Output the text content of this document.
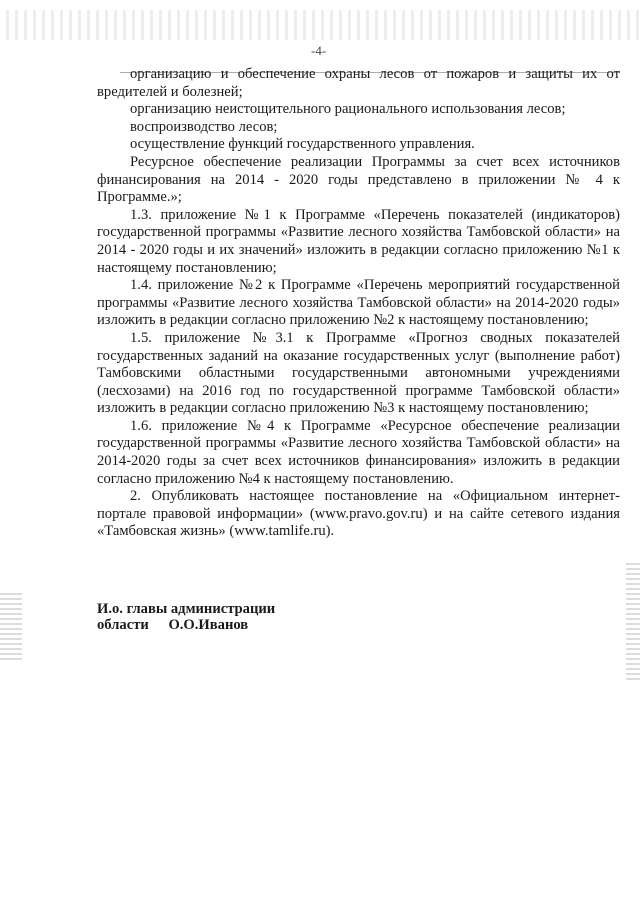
-4-

организацию и обеспечение охраны лесов от пожаров и защиты их от вредителей и болезней;

организацию неистощительного рационального использования лесов;

воспроизводство лесов;

осуществление функций государственного управления.

Ресурсное обеспечение реализации Программы за счет всех источников финансирования на 2014 - 2020 годы представлено в приложении № 4 к Программе.»;

1.3. приложение №1 к Программе «Перечень показателей (индикаторов) государственной программы «Развитие лесного хозяйства Тамбовской области» на 2014 - 2020 годы и их значений» изложить в редакции согласно приложению №1 к настоящему постановлению;

1.4. приложение №2 к Программе «Перечень мероприятий государственной программы «Развитие лесного хозяйства Тамбовской области» на 2014-2020 годы» изложить в редакции согласно приложению №2 к настоящему постановлению;

1.5. приложение №3.1 к Программе «Прогноз сводных показателей государственных заданий на оказание государственных услуг (выполнение работ) Тамбовскими областными государственными автономными учреждениями (лесхозами) на 2016 год по государственной программе Тамбовской области» изложить в редакции согласно приложению №3 к настоящему постановлению;

1.6. приложение №4 к Программе «Ресурсное обеспечение реализации государственной программы «Развитие лесного хозяйства Тамбовской области» на 2014-2020 годы за счет всех источников финансирования» изложить в редакции согласно приложению №4 к настоящему постановлению.

2. Опубликовать настоящее постановление на «Официальном интернет-портале правовой информации» (www.pravo.gov.ru) и на сайте сетевого издания «Тамбовская жизнь» (www.tamlife.ru).

И.о. главы администрации

области О.О.Иванов
